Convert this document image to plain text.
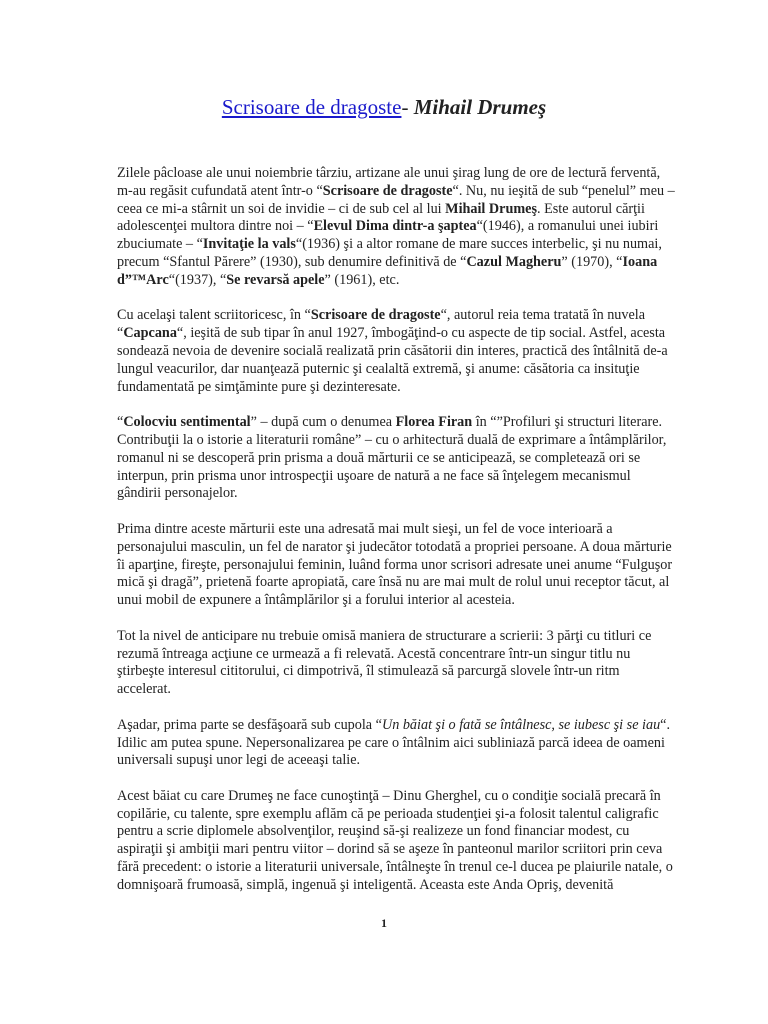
Scrisoare de dragoste- Mihail Drumeş

Zilele pâcloase ale unui noiembrie târziu, artizane ale unui şirag lung de ore de lectură ferventă, m-au regăsit cufundată atent într-o “Scrisoare de dragoste“. Nu, nu ieşită de sub “penelul” meu – ceea ce mi-a stârnit un soi de invidie – ci de sub cel al lui Mihail Drumeş. Este autorul cărţii adolescenţei multora dintre noi – “Elevul Dima dintr-a şaptea“(1946), a romanului unei iubiri zbuciumate – “Invitaţie la vals“(1936) şi a altor romane de mare succes interbelic, şi nu numai, precum “Sfantul Părere” (1930), sub denumire definitivă de “Cazul Magheru” (1970), “Ioana d”™Arc“(1937), “Se revarsă apele” (1961), etc.

Cu acelaşi talent scriitoricesc, în “Scrisoare de dragoste“, autorul reia tema tratată în nuvela “Capcana“, ieşită de sub tipar în anul 1927, îmbogăţind-o cu aspecte de tip social. Astfel, acesta sondează nevoia de devenire socială realizată prin căsătorii din interes, practică des întâlnită de-a lungul veacurilor, dar nuanţează puternic şi cealaltă extremă, şi anume: căsătoria ca insituţie fundamentată pe simţăminte pure şi dezinteresate.

“Colocviu sentimental” – după cum o denumea Florea Firan în “”Profiluri şi structuri literare. Contribuţii la o istorie a literaturii române” – cu o arhitectură duală de exprimare a întâmplărilor, romanul ni se descoperă prin prisma a două mărturii ce se anticipează, se completează ori se interpun, prin prisma unor introspecţii uşoare de natură a ne face să înţelegem mecanismul gândirii personajelor.

Prima dintre aceste mărturii este una adresată mai mult sieşi, un fel de voce interioară a personajului masculin, un fel de narator şi judecător totodată a propriei persoane. A doua mărturie îi aparţine, fireşte, personajului feminin, luând forma unor scrisori adresate unei anume “Fulguşor mică şi dragă”, prietenă foarte apropiată, care însă nu are mai mult de rolul unui receptor tăcut, al unui mobil de expunere a întâmplărilor şi a forului interior al acesteia.

Tot la nivel de anticipare nu trebuie omisă maniera de structurare a scrierii: 3 părţi cu titluri ce rezumă întreaga acţiune ce urmează a fi relevată. Acestă concentrare într-un singur titlu nu ştirbeşte interesul cititorului, ci dimpotrivă, îl stimulează să parcurgă slovele într-un ritm accelerat.

Aşadar, prima parte se desfăşoară sub cupola “Un băiat şi o fată se întâlnesc, se iubesc şi se iau“. Idilic am putea spune. Nepersonalizarea pe care o întâlnim aici subliniază parcă ideea de oameni universali supuşi unor legi de aceeaşi talie.

Acest băiat cu care Drumeş ne face cunoştinţă – Dinu Gherghel, cu o condiţie socială precară în copilărie, cu talente, spre exemplu aflăm că pe perioada studenţiei şi-a folosit talentul caligrafic pentru a scrie diplomele absolvenţilor, reuşind să-şi realizeze un fond financiar modest, cu aspiraţii şi ambiţii mari pentru viitor – dorind să se aşeze în panteonul marilor scriitori prin ceva fără precedent: o istorie a literaturii universale, întâlneşte în trenul ce-l ducea pe plaiurile natale, o domnişoară frumoasă, simplă, ingenuă şi inteligentă. Aceasta este Anda Opriş, devenită

1
